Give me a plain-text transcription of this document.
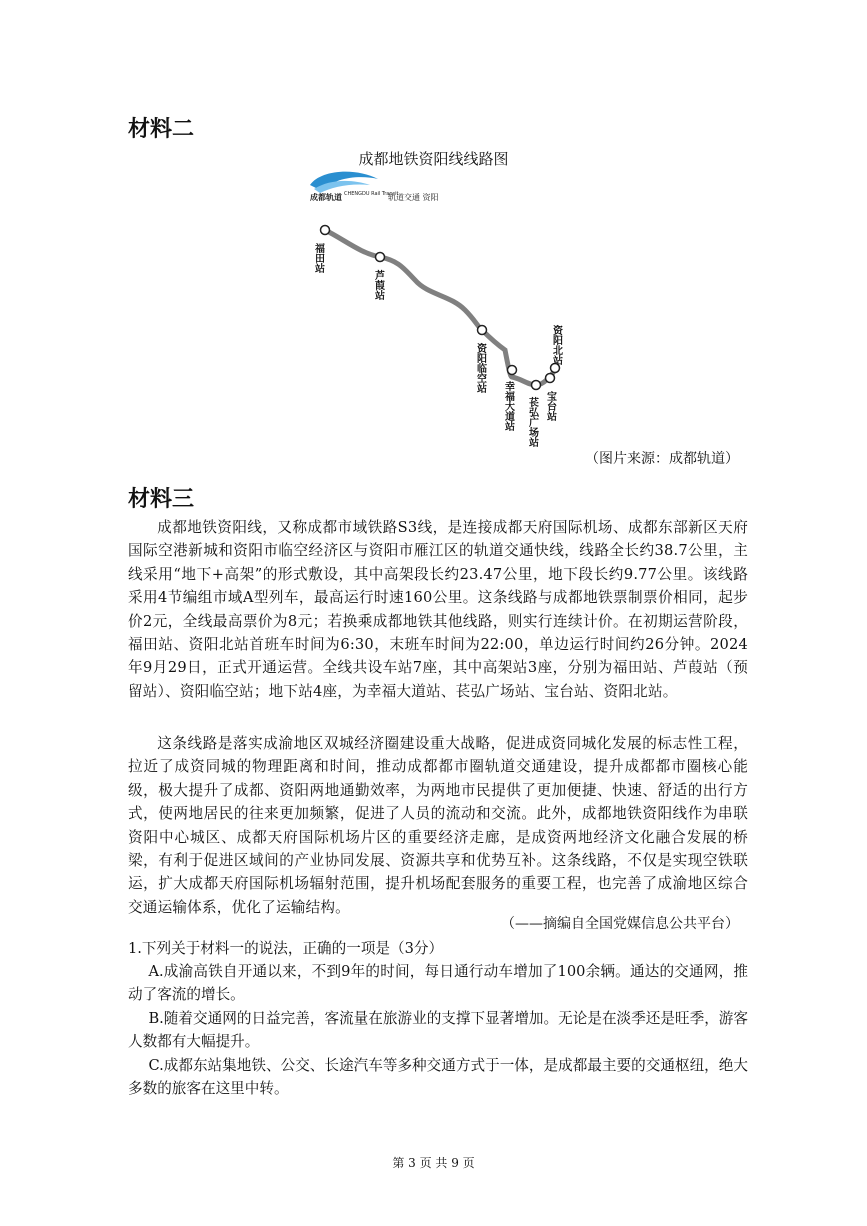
材料二
成都地铁资阳线线路图
成都轨道 CHENGDU Rail Transit
轨道交通 资阳
福田站
芦葭站
资阳临空站
幸福大道站 苌弘广场站 宝台站
资阳北站
（图片来源：成都轨道）
材料三

成都地铁资阳线，又称成都市域铁路S3线，是连接成都天府国际机场、成都东部新区天府国际空港新城和资阳市临空经济区与资阳市雁江区的轨道交通快线，线路全长约38.7公里，主线采用“地下+高架”的形式敷设，其中高架段长约23.47公里，地下段长约9.77公里。该线路采用4节编组市域A型列车，最高运行时速160公里。这条线路与成都地铁票制票价相同，起步价2元，全线最高票价为8元；若换乘成都地铁其他线路，则实行连续计价。在初期运营阶段，福田站、资阳北站首班车时间为6:30，末班车时间为22:00，单边运行时间约26分钟。2024年9月29日，正式开通运营。全线共设车站7座，其中高架站3座，分别为福田站、芦葭站（预留站）、资阳临空站；地下站4座，为幸福大道站、苌弘广场站、宝台站、资阳北站。

这条线路是落实成渝地区双城经济圈建设重大战略，促进成资同城化发展的标志性工程，拉近了成资同城的物理距离和时间，推动成都都市圈轨道交通建设，提升成都都市圈核心能级，极大提升了成都、资阳两地通勤效率，为两地市民提供了更加便捷、快速、舒适的出行方式，使两地居民的往来更加频繁，促进了人员的流动和交流。此外，成都地铁资阳线作为串联资阳中心城区、成都天府国际机场片区的重要经济走廊，是成资两地经济文化融合发展的桥梁，有利于促进区域间的产业协同发展、资源共享和优势互补。这条线路，不仅是实现空铁联运，扩大成都天府国际机场辐射范围，提升机场配套服务的重要工程，也完善了成渝地区综合交通运输体系，优化了运输结构。

（——摘编自全国党媒信息公共平台）
1.下列关于材料一的说法，正确的一项是（3分）

A.成渝高铁自开通以来，不到9年的时间，每日通行动车增加了100余辆。通达的交通网，推动了客流的增长。

B.随着交通网的日益完善，客流量在旅游业的支撑下显著增加。无论是在淡季还是旺季，游客人数都有大幅提升。

C.成都东站集地铁、公交、长途汽车等多种交通方式于一体，是成都最主要的交通枢纽，绝大多数的旅客在这里中转。

第 3 页 共 9 页
